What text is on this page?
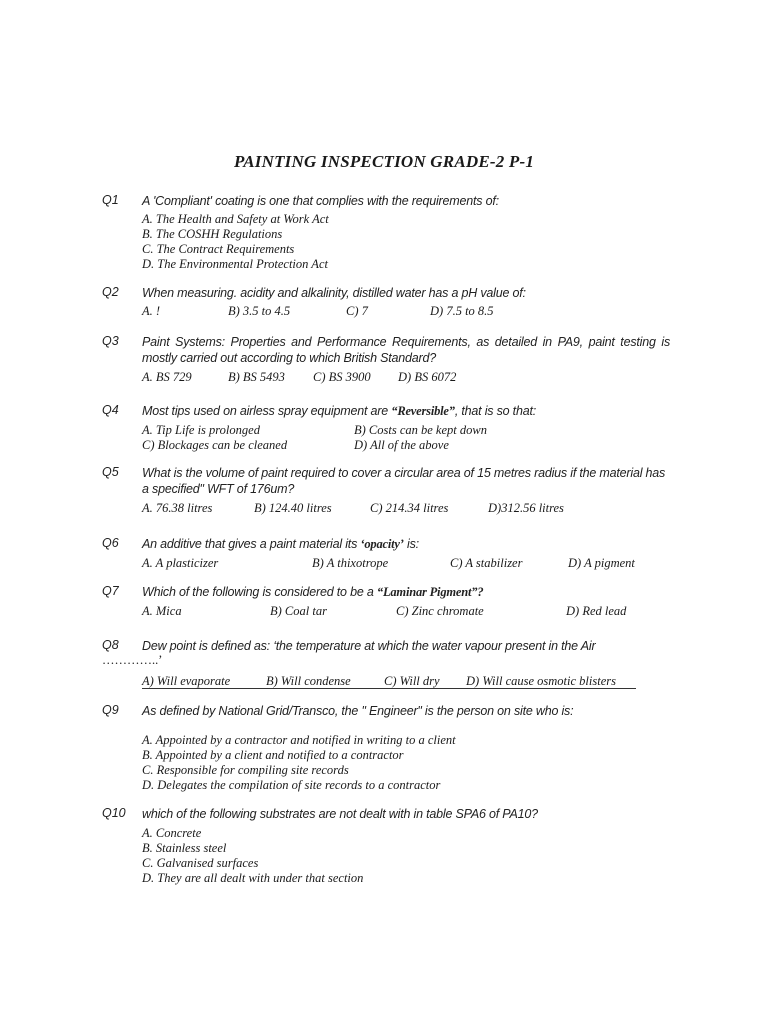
PAINTING INSPECTION GRADE-2 P-1
Q1 A 'Compliant' coating is one that complies with the requirements of:
A. The Health and Safety at Work Act
B. The COSHH Regulations
C. The Contract Requirements
D. The Environmental Protection Act
Q2 When measuring. acidity and alkalinity, distilled water has a pH value of:
A. !	B) 3.5 to 4.5	C) 7	D) 7.5 to 8.5
Q3 Paint Systems: Properties and Performance Requirements, as detailed in PA9, paint testing is mostly carried out according to which British Standard?
A. BS 729	B) BS 5493 C) BS 3900 D) BS 6072
Q4 Most tips used on airless spray equipment are “Reversible”, that is so that:
A. Tip Life is prolonged	B) Costs can be kept down
C) Blockages can be cleaned	D) All of the above
Q5 What is the volume of paint required to cover a circular area of 15 metres radius if the material has a specified" WFT of 176um?
A. 76.38 litres	B) 124.40 litres	C) 214.34 litres	D)312.56 litres
Q6 An additive that gives a paint material its ‘opacity’ is:
A. A plasticizer	B) A thixotrope	C) A stabilizer	D) A pigment
Q7 Which of the following is considered to be a “Laminar Pigment”?
A. Mica	B) Coal tar	C) Zinc chromate	D) Red lead
Q8 Dew point is defined as: ‘the temperature at which the water vapour present in the Air
…………..’
A) Will evaporate	B) Will condense	C) Will dry D) Will cause osmotic blisters
Q9 As defined by National Grid/Transco, the " Engineer" is the person on site who is:
A. Appointed by a contractor and notified in writing to a client
B. Appointed by a client and notified to a contractor
C. Responsible for compiling site records
D. Delegates the compilation of site records to a contractor
Q10 which of the following substrates are not dealt with in table SPA6 of PA10?
A. Concrete
B. Stainless steel
C. Galvanised surfaces
D. They are all dealt with under that section
